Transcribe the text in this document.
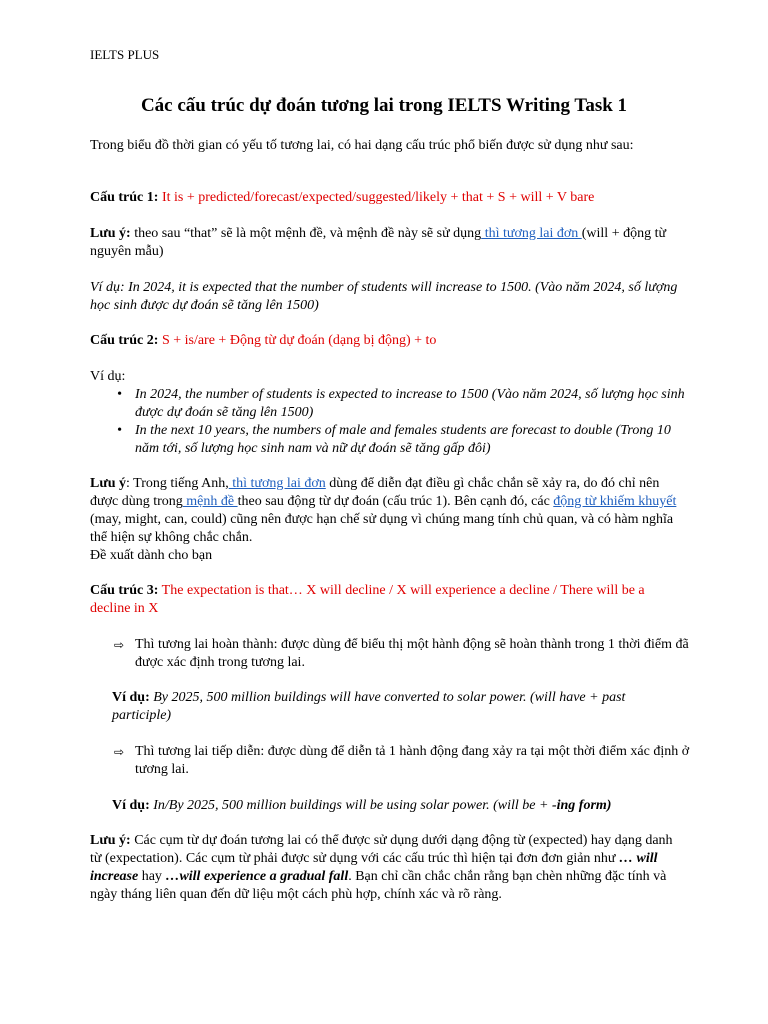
IELTS PLUS
Các cấu trúc dự đoán tương lai trong IELTS Writing Task 1

Trong biểu đồ thời gian có yếu tố tương lai, có hai dạng cấu trúc phổ biến được sử dụng như sau:

Cấu trúc 1: It is + predicted/forecast/expected/suggested/likely + that + S + will + V bare

Lưu ý: theo sau “that” sẽ là một mệnh đề, và mệnh đề này sẽ sử dụng thì tương lai đơn (will + động từ nguyên mẫu)

Ví dụ: In 2024, it is expected that the number of students will increase to 1500. (Vào năm 2024, số lượng học sinh được dự đoán sẽ tăng lên 1500)

Cấu trúc 2: S + is/are + Động từ dự đoán (dạng bị động) + to

Ví dụ:

• In 2024, the number of students is expected to increase to 1500 (Vào năm 2024, số lượng học sinh được dự đoán sẽ tăng lên 1500)
• In the next 10 years, the numbers of male and females students are forecast to double (Trong 10 năm tới, số lượng học sinh nam và nữ dự đoán sẽ tăng gấp đôi)

Lưu ý: Trong tiếng Anh, thì tương lai đơn dùng để diễn đạt điều gì chắc chắn sẽ xảy ra, do đó chỉ nên được dùng trong mệnh đề theo sau động từ dự đoán (cấu trúc 1). Bên cạnh đó, các động từ khiếm khuyết (may, might, can, could) cũng nên được hạn chế sử dụng vì chúng mang tính chủ quan, và có hàm nghĩa thể hiện sự không chắc chắn.

Đề xuất dành cho bạn

Cấu trúc 3: The expectation is that… X will decline / X will experience a decline / There will be a decline in X

⇨ Thì tương lai hoàn thành: được dùng để biểu thị một hành động sẽ hoàn thành trong 1 thời điểm đã được xác định trong tương lai.

Ví dụ: By 2025, 500 million buildings will have converted to solar power. (will have + past participle)

⇨ Thì tương lai tiếp diễn: được dùng để diễn tả 1 hành động đang xảy ra tại một thời điểm xác định ở tương lai.

Ví dụ: In/By 2025, 500 million buildings will be using solar power. (will be + -ing form)

Lưu ý: Các cụm từ dự đoán tương lai có thể được sử dụng dưới dạng động từ (expected) hay dạng danh từ (expectation). Các cụm từ phải được sử dụng với các cấu trúc thì hiện tại đơn đơn giản như … will increase hay …will experience a gradual fall. Bạn chỉ cần chắc chắn rằng bạn chèn những đặc tính và ngày tháng liên quan đến dữ liệu một cách phù hợp, chính xác và rõ ràng.
